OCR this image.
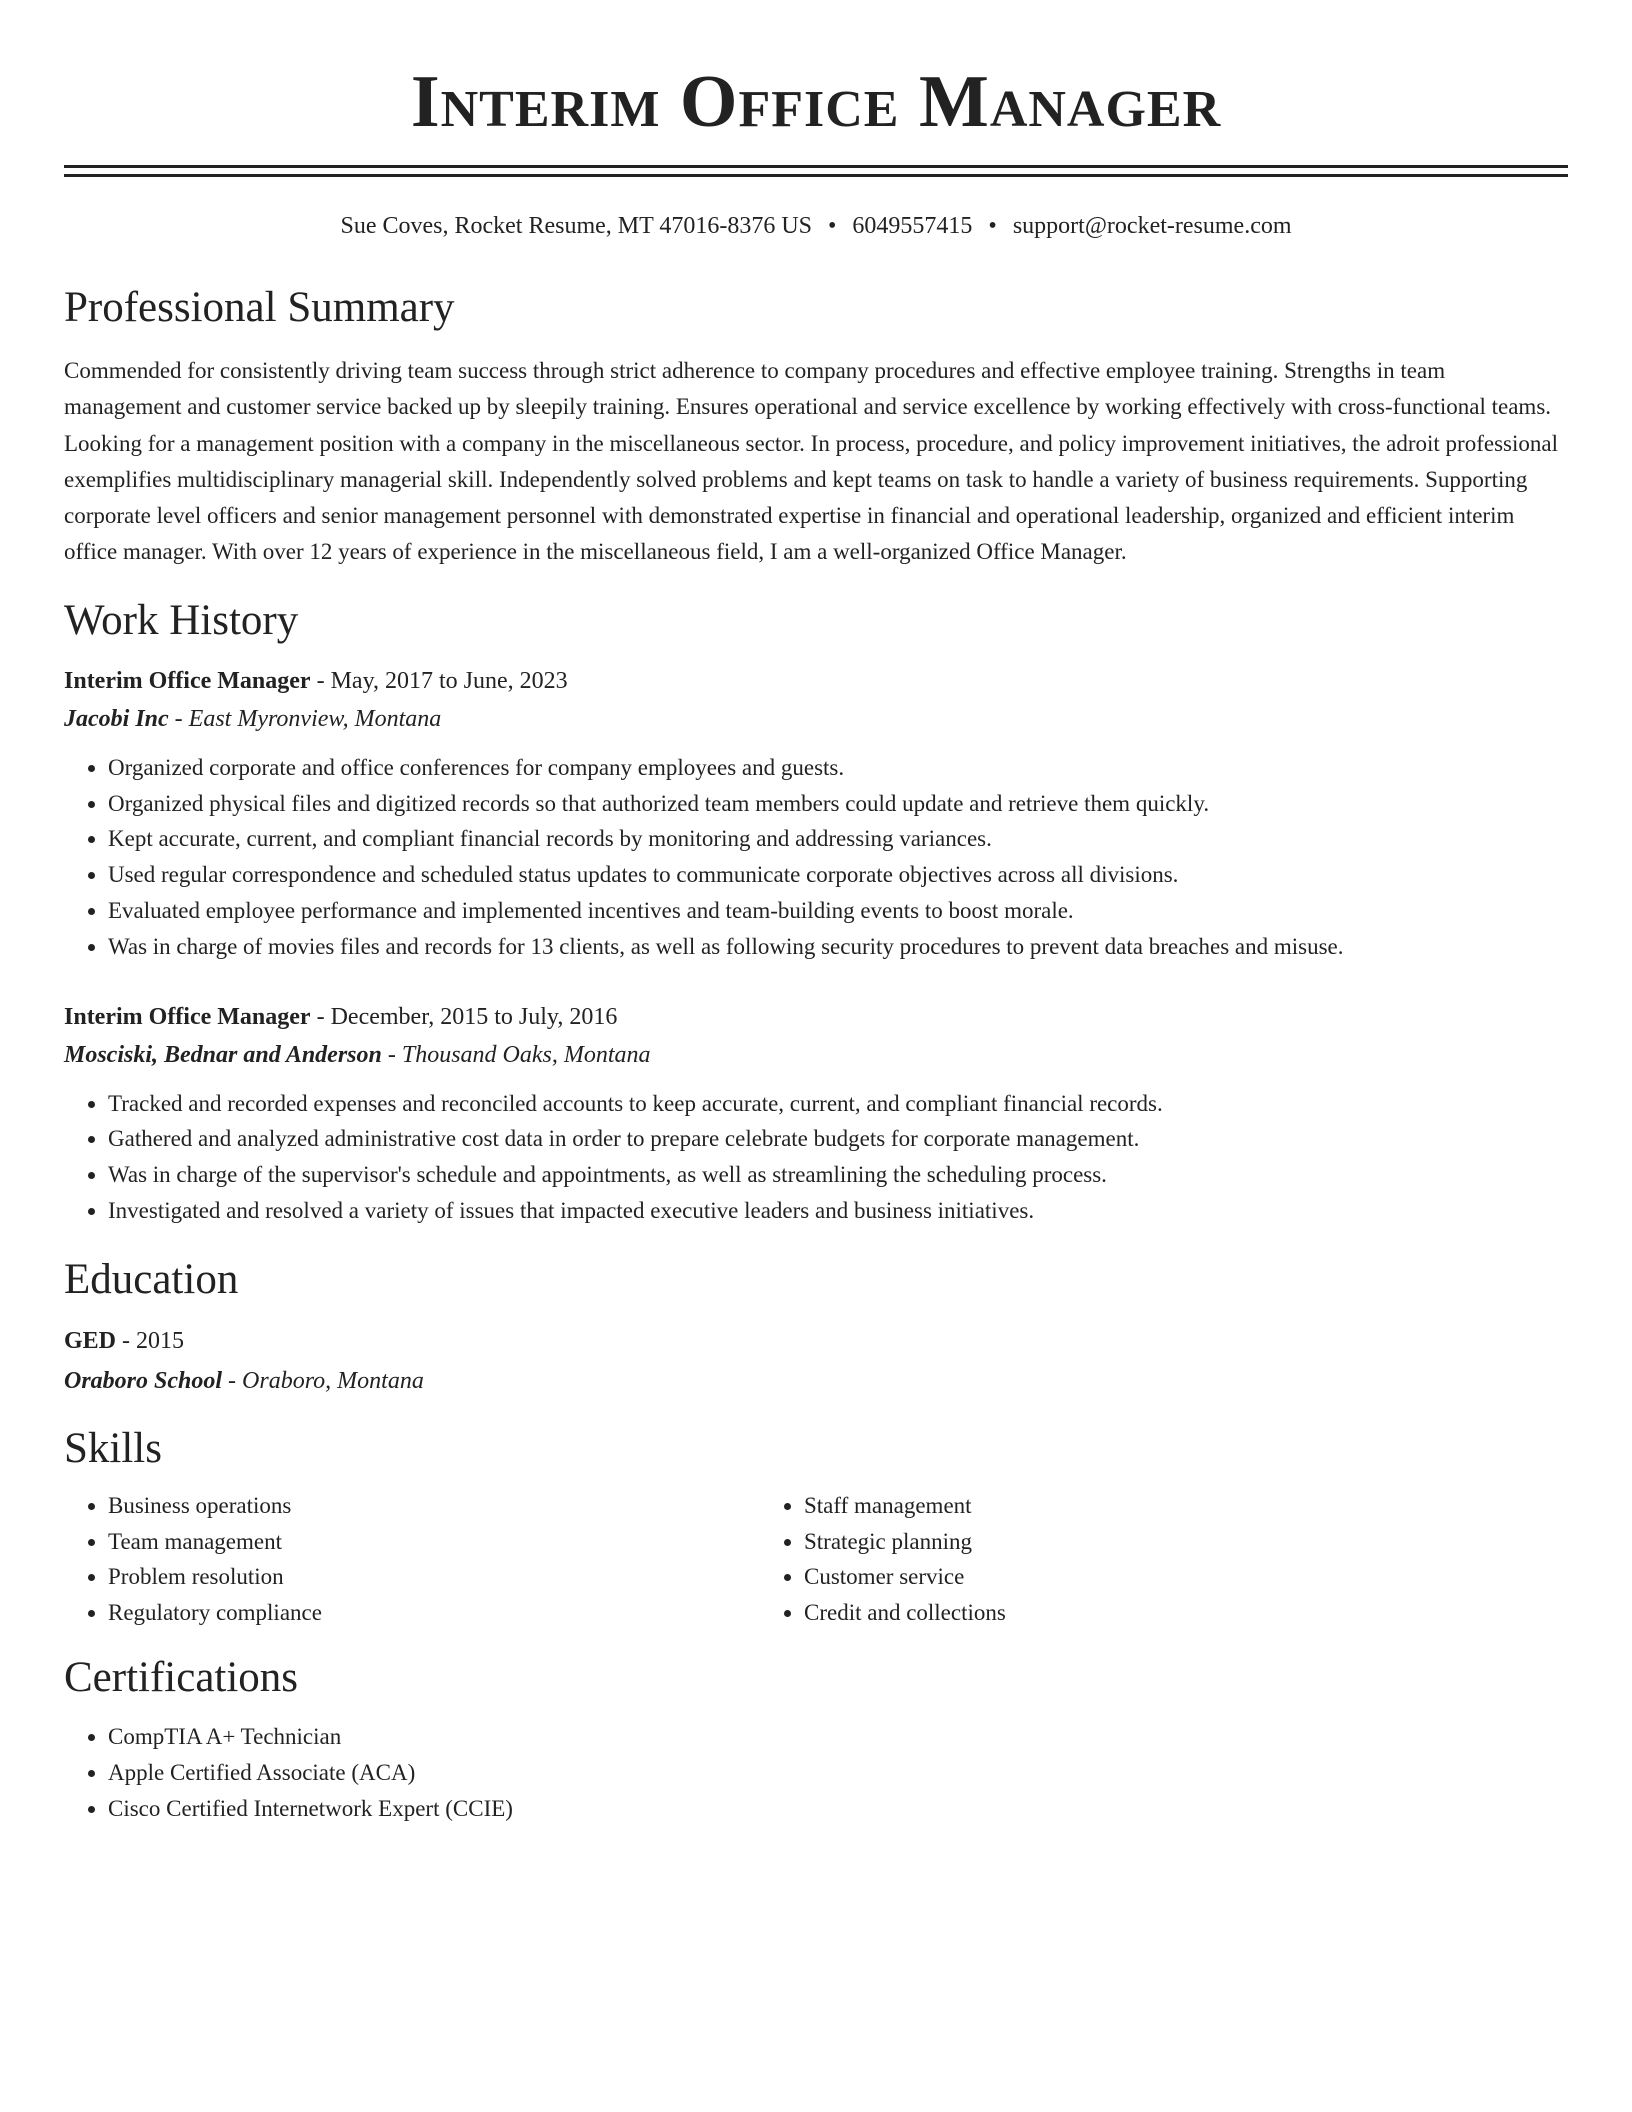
Interim Office Manager
Sue Coves, Rocket Resume, MT 47016-8376 US • 6049557415 • support@rocket-resume.com
Professional Summary

Commended for consistently driving team success through strict adherence to company procedures and effective employee training. Strengths in team management and customer service backed up by sleepily training. Ensures operational and service excellence by working effectively with cross-functional teams. Looking for a management position with a company in the miscellaneous sector. In process, procedure, and policy improvement initiatives, the adroit professional exemplifies multidisciplinary managerial skill. Independently solved problems and kept teams on task to handle a variety of business requirements. Supporting corporate level officers and senior management personnel with demonstrated expertise in financial and operational leadership, organized and efficient interim office manager. With over 12 years of experience in the miscellaneous field, I am a well-organized Office Manager.

Work History

Interim Office Manager - May, 2017 to June, 2023

Jacobi Inc - East Myronview, Montana

• Organized corporate and office conferences for company employees and guests.
• Organized physical files and digitized records so that authorized team members could update and retrieve them quickly.
• Kept accurate, current, and compliant financial records by monitoring and addressing variances.
• Used regular correspondence and scheduled status updates to communicate corporate objectives across all divisions.
• Evaluated employee performance and implemented incentives and team-building events to boost morale.
• Was in charge of movies files and records for 13 clients, as well as following security procedures to prevent data breaches and misuse.

Interim Office Manager - December, 2015 to July, 2016

Mosciski, Bednar and Anderson - Thousand Oaks, Montana

• Tracked and recorded expenses and reconciled accounts to keep accurate, current, and compliant financial records.
• Gathered and analyzed administrative cost data in order to prepare celebrate budgets for corporate management.
• Was in charge of the supervisor's schedule and appointments, as well as streamlining the scheduling process.
• Investigated and resolved a variety of issues that impacted executive leaders and business initiatives.
Education

GED - 2015

Oraboro School - Oraboro, Montana

Skills
• Business operations
• Team management
• Problem resolution
• Regulatory compliance
• Staff management
• Strategic planning
• Customer service
• Credit and collections
Certifications
• CompTIA A+ Technician
• Apple Certified Associate (ACA)
• Cisco Certified Internetwork Expert (CCIE)
